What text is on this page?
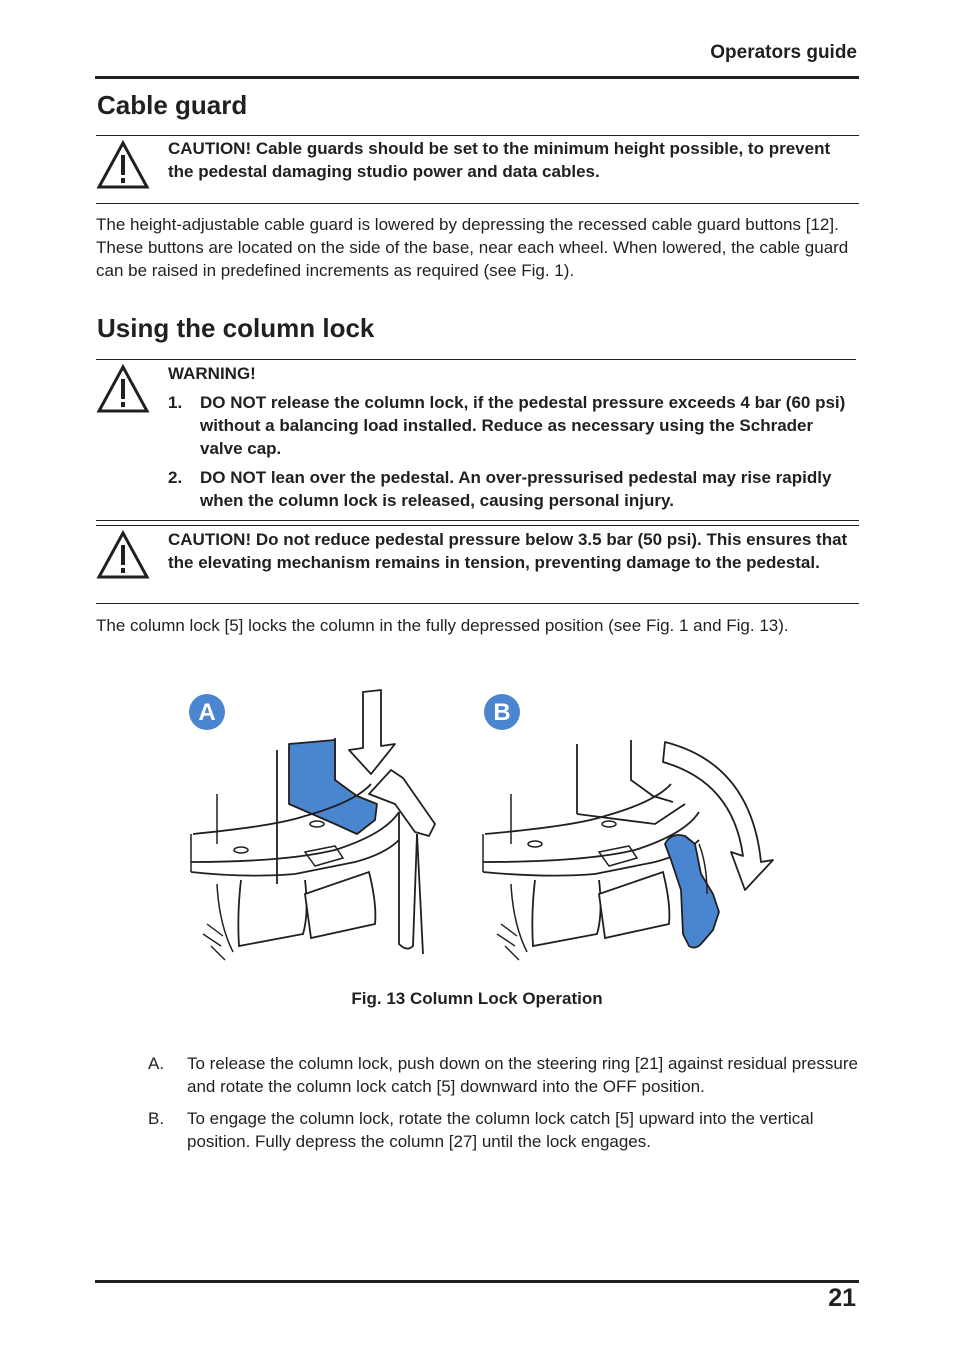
Operators guide
Cable guard
CAUTION! Cable guards should be set to the minimum height possible, to prevent the pedestal damaging studio power and data cables.
The height-adjustable cable guard is lowered by depressing the recessed cable guard buttons [12]. These buttons are located on the side of the base, near each wheel. When lowered, the cable guard can be raised in predefined increments as required (see Fig. 1).
Using the column lock
WARNING!
1. DO NOT release the column lock, if the pedestal pressure exceeds 4 bar (60 psi) without a balancing load installed. Reduce as necessary using the Schrader valve cap.
2. DO NOT lean over the pedestal. An over-pressurised pedestal may rise rapidly when the column lock is released, causing personal injury.
CAUTION! Do not reduce pedestal pressure below 3.5 bar (50 psi). This ensures that the elevating mechanism remains in tension, preventing damage to the pedestal.
The column lock [5] locks the column in the fully depressed position (see Fig. 1 and Fig. 13).
A	B
Fig. 13 Column Lock Operation
A. To release the column lock, push down on the steering ring [21] against residual pressure and rotate the column lock catch [5] downward into the OFF position.
B. To engage the column lock, rotate the column lock catch [5] upward into the vertical position. Fully depress the column [27] until the lock engages.
21
